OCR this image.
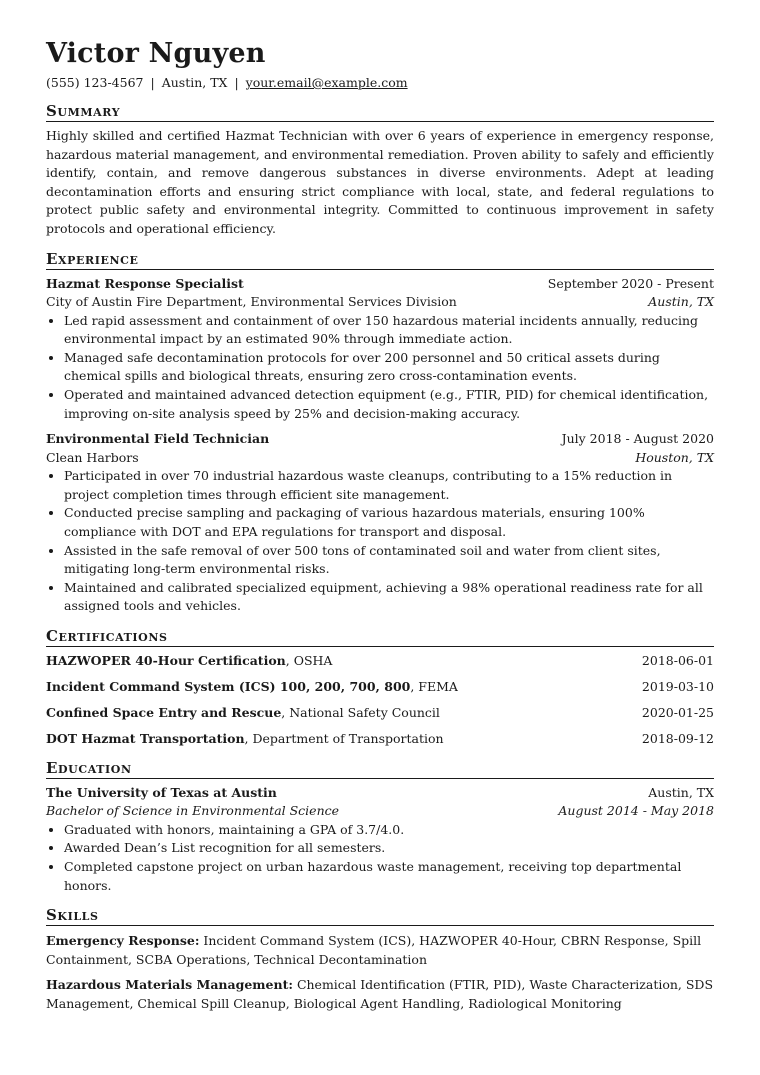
Victor Nguyen
(555) 123-4567 | Austin, TX | your.email@example.com
Summary

Highly skilled and certified Hazmat Technician with over 6 years of experience in emergency response, hazardous material management, and environmental remediation. Proven ability to safely and efficiently identify, contain, and remove dangerous substances in diverse environments. Adept at leading decontamination efforts and ensuring strict compliance with local, state, and federal regulations to protect public safety and environmental integrity. Committed to continuous improvement in safety protocols and operational efficiency.

Experience
Hazmat Response Specialist	September 2020 - Present
City of Austin Fire Department, Environmental Services Division	Austin, TX
• Led rapid assessment and containment of over 150 hazardous material incidents annually, reducing environmental impact by an estimated 90% through immediate action.
• Managed safe decontamination protocols for over 200 personnel and 50 critical assets during chemical spills and biological threats, ensuring zero cross-contamination events.
• Operated and maintained advanced detection equipment (e.g., FTIR, PID) for chemical identification, improving on-site analysis speed by 25% and decision-making accuracy.
Environmental Field Technician	July 2018 - August 2020
Clean Harbors	Houston, TX
• Participated in over 70 industrial hazardous waste cleanups, contributing to a 15% reduction in project completion times through efficient site management.
• Conducted precise sampling and packaging of various hazardous materials, ensuring 100% compliance with DOT and EPA regulations for transport and disposal.
• Assisted in the safe removal of over 500 tons of contaminated soil and water from client sites, mitigating long-term environmental risks.
• Maintained and calibrated specialized equipment, achieving a 98% operational readiness rate for all assigned tools and vehicles.
Certifications
HAZWOPER 40-Hour Certification, OSHA	2018-06-01
Incident Command System (ICS) 100, 200, 700, 800, FEMA	2019-03-10
Confined Space Entry and Rescue, National Safety Council	2020-01-25
DOT Hazmat Transportation, Department of Transportation	2018-09-12
Education
The University of Texas at Austin	Austin, TX
Bachelor of Science in Environmental Science	August 2014 - May 2018
• Graduated with honors, maintaining a GPA of 3.7/4.0.
• Awarded Dean’s List recognition for all semesters.
• Completed capstone project on urban hazardous waste management, receiving top departmental honors.
Skills
Emergency Response: Incident Command System (ICS), HAZWOPER 40-Hour, CBRN Response, Spill Containment, SCBA Operations, Technical Decontamination
Hazardous Materials Management: Chemical Identification (FTIR, PID), Waste Characterization, SDS Management, Chemical Spill Cleanup, Biological Agent Handling, Radiological Monitoring
